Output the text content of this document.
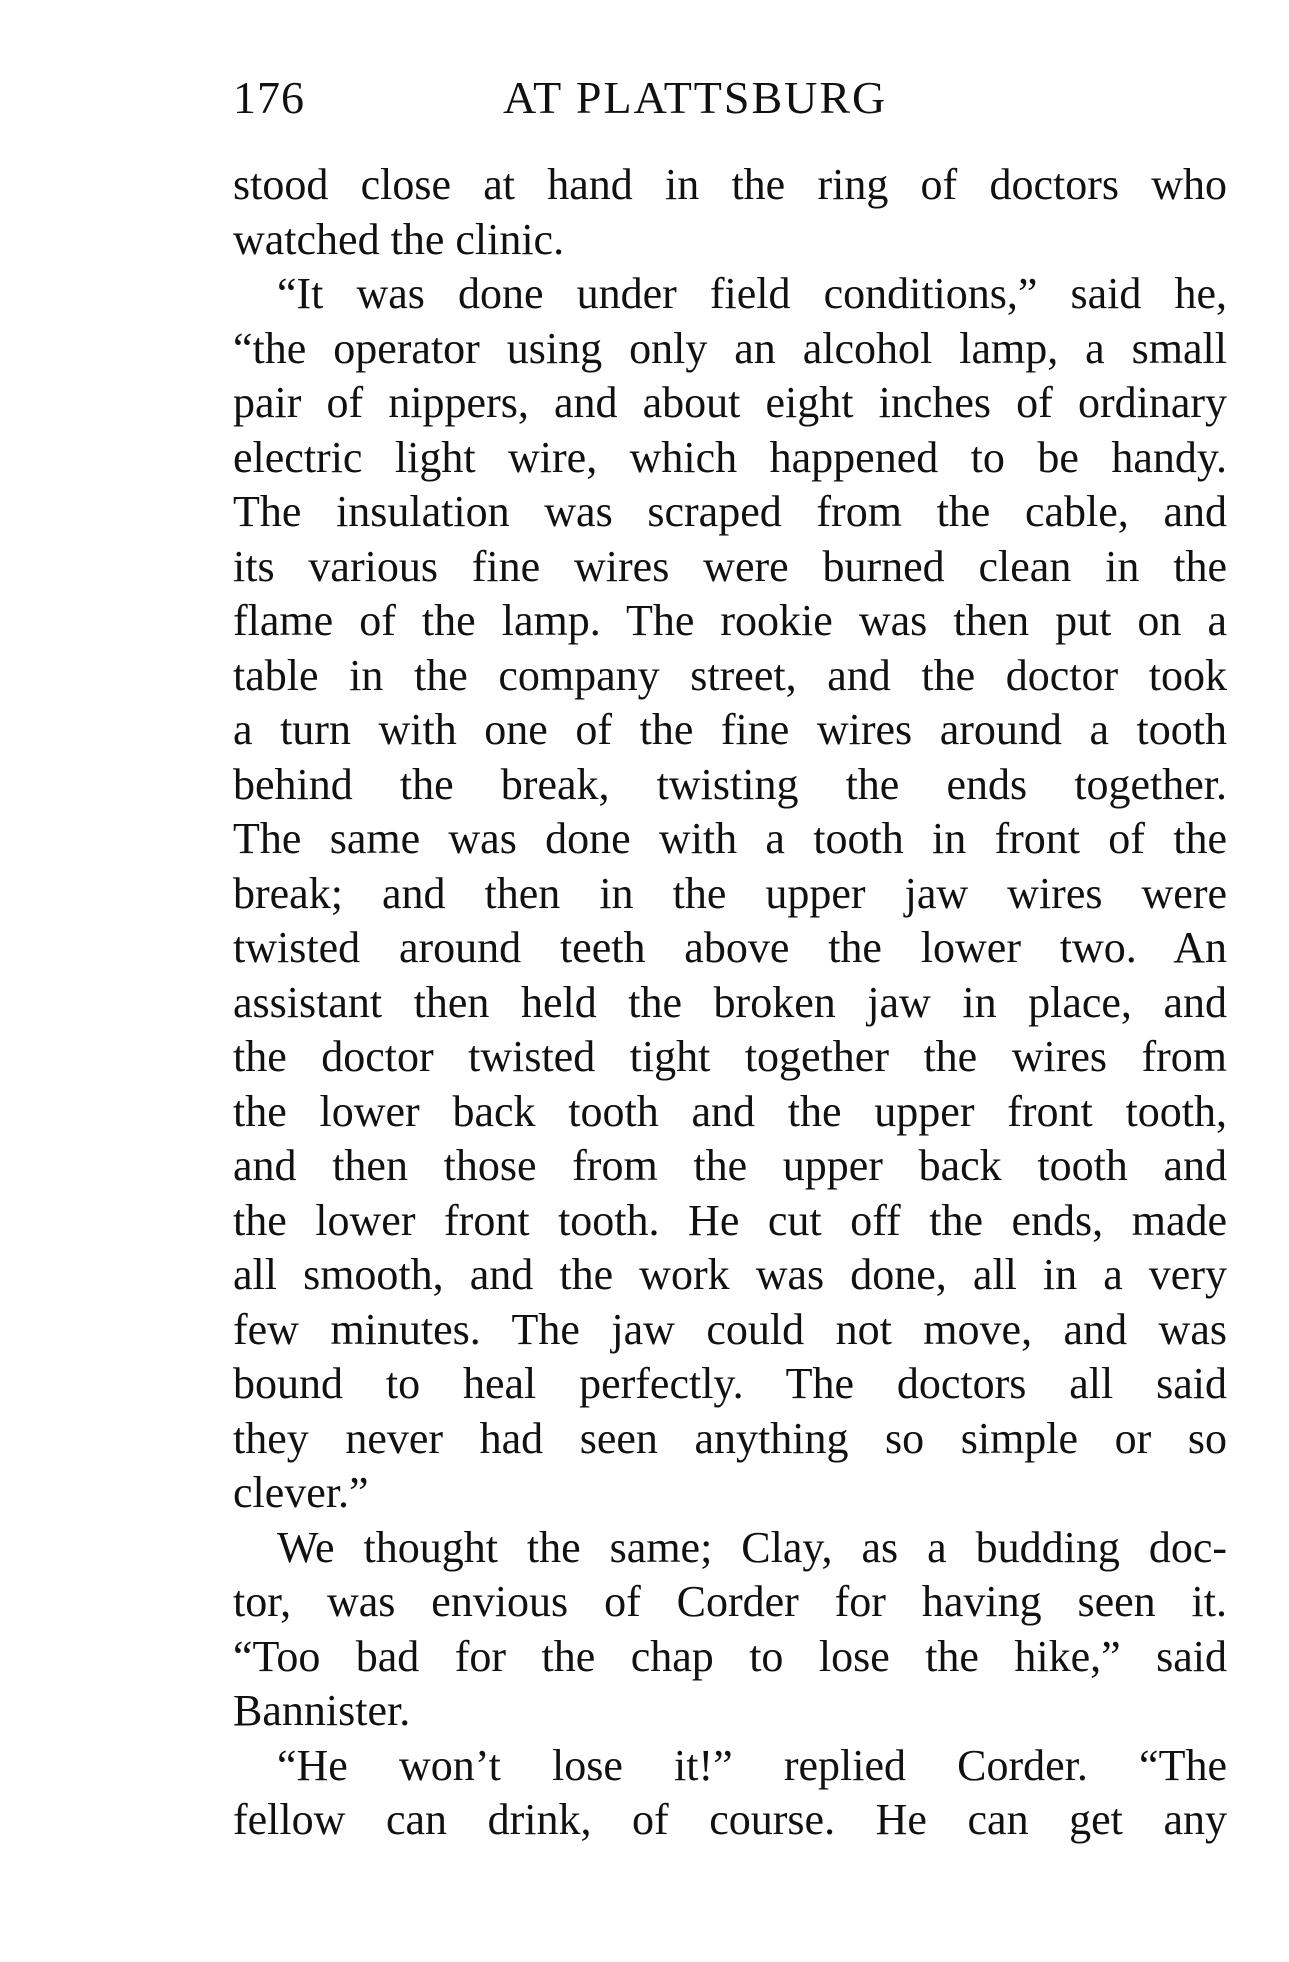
176	AT PLATTSBURG
stood close at hand in the ring of doctors who
watched the clinic.
“It was done under field conditions,” said he,
“the operator using only an alcohol lamp, a small
pair of nippers, and about eight inches of ordinary
electric light wire, which happened to be handy.
The insulation was scraped from the cable, and
its various fine wires were burned clean in the
flame of the lamp. The rookie was then put on a
table in the company street, and the doctor took
a turn with one of the fine wires around a tooth
behind the break, twisting the ends together.
The same was done with a tooth in front of the
break; and then in the upper jaw wires were
twisted around teeth above the lower two. An
assistant then held the broken jaw in place, and
the doctor twisted tight together the wires from
the lower back tooth and the upper front tooth,
and then those from the upper back tooth and
the lower front tooth. He cut off the ends, made
all smooth, and the work was done, all in a very
few minutes. The jaw could not move, and was
bound to heal perfectly. The doctors all said
they never had seen anything so simple or so
clever.”
We thought the same; Clay, as a budding doc-
tor, was envious of Corder for having seen it.
“Too bad for the chap to lose the hike,” said
Bannister.
“He won’t lose it!” replied Corder. “The
fellow can drink, of course. He can get any
